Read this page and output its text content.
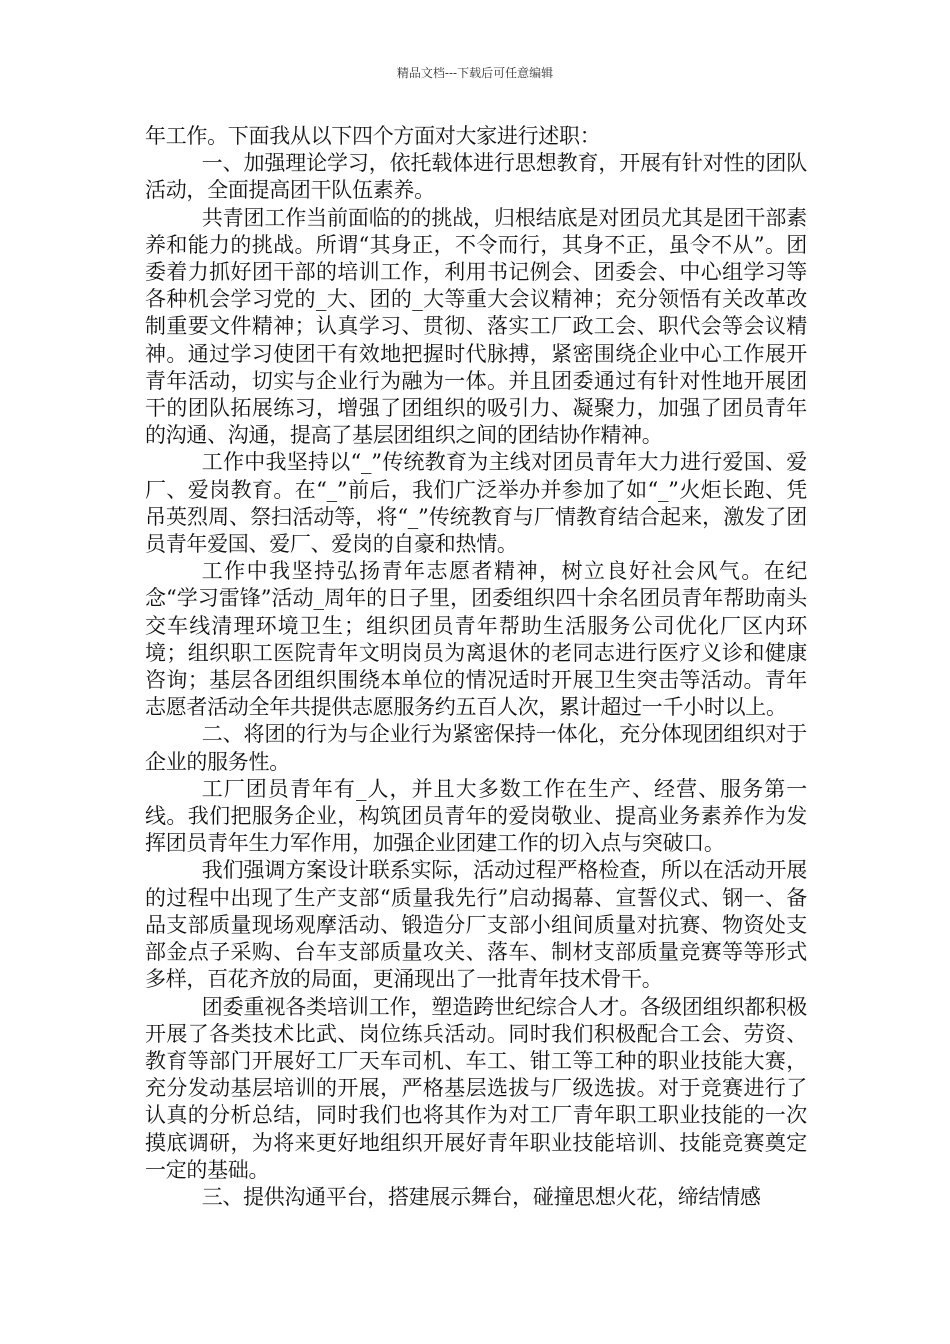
精品文档---下载后可任意编辑

年工作。下面我从以下四个方面对大家进行述职：

一、加强理论学习，依托载体进行思想教育，开展有针对性的团队活动，全面提高团干队伍素养。

共青团工作当前面临的的挑战，归根结底是对团员尤其是团干部素养和能力的挑战。所谓“其身正，不令而行，其身不正，虽令不从”。团委着力抓好团干部的培训工作，利用书记例会、团委会、中心组学习等各种机会学习党的_大、团的_大等重大会议精神；充分领悟有关改革改制重要文件精神；认真学习、贯彻、落实工厂政工会、职代会等会议精神。通过学习使团干有效地把握时代脉搏，紧密围绕企业中心工作展开青年活动，切实与企业行为融为一体。并且团委通过有针对性地开展团干的团队拓展练习，增强了团组织的吸引力、凝聚力，加强了团员青年的沟通、沟通，提高了基层团组织之间的团结协作精神。

工作中我坚持以“_”传统教育为主线对团员青年大力进行爱国、爱厂、爱岗教育。在“_”前后，我们广泛举办并参加了如“_”火炬长跑、凭吊英烈周、祭扫活动等，将“_”传统教育与厂情教育结合起来，激发了团员青年爱国、爱厂、爱岗的自豪和热情。

工作中我坚持弘扬青年志愿者精神，树立良好社会风气。在纪念“学习雷锋”活动_周年的日子里，团委组织四十余名团员青年帮助南头交车线清理环境卫生；组织团员青年帮助生活服务公司优化厂区内环境；组织职工医院青年文明岗员为离退休的老同志进行医疗义诊和健康咨询；基层各团组织围绕本单位的情况适时开展卫生突击等活动。青年志愿者活动全年共提供志愿服务约五百人次，累计超过一千小时以上。

二、将团的行为与企业行为紧密保持一体化，充分体现团组织对于企业的服务性。

工厂团员青年有_人，并且大多数工作在生产、经营、服务第一线。我们把服务企业，构筑团员青年的爱岗敬业、提高业务素养作为发挥团员青年生力军作用，加强企业团建工作的切入点与突破口。

我们强调方案设计联系实际，活动过程严格检查，所以在活动开展的过程中出现了生产支部“质量我先行”启动揭幕、宣誓仪式、钢一、备品支部质量现场观摩活动、锻造分厂支部小组间质量对抗赛、物资处支部金点子采购、台车支部质量攻关、落车、制材支部质量竞赛等等形式多样，百花齐放的局面，更涌现出了一批青年技术骨干。

团委重视各类培训工作，塑造跨世纪综合人才。各级团组织都积极开展了各类技术比武、岗位练兵活动。同时我们积极配合工会、劳资、教育等部门开展好工厂天车司机、车工、钳工等工种的职业技能大赛，充分发动基层培训的开展，严格基层选拔与厂级选拔。对于竞赛进行了认真的分析总结，同时我们也将其作为对工厂青年职工职业技能的一次摸底调研，为将来更好地组织开展好青年职业技能培训、技能竞赛奠定一定的基础。

三、提供沟通平台，搭建展示舞台，碰撞思想火花，缔结情感
